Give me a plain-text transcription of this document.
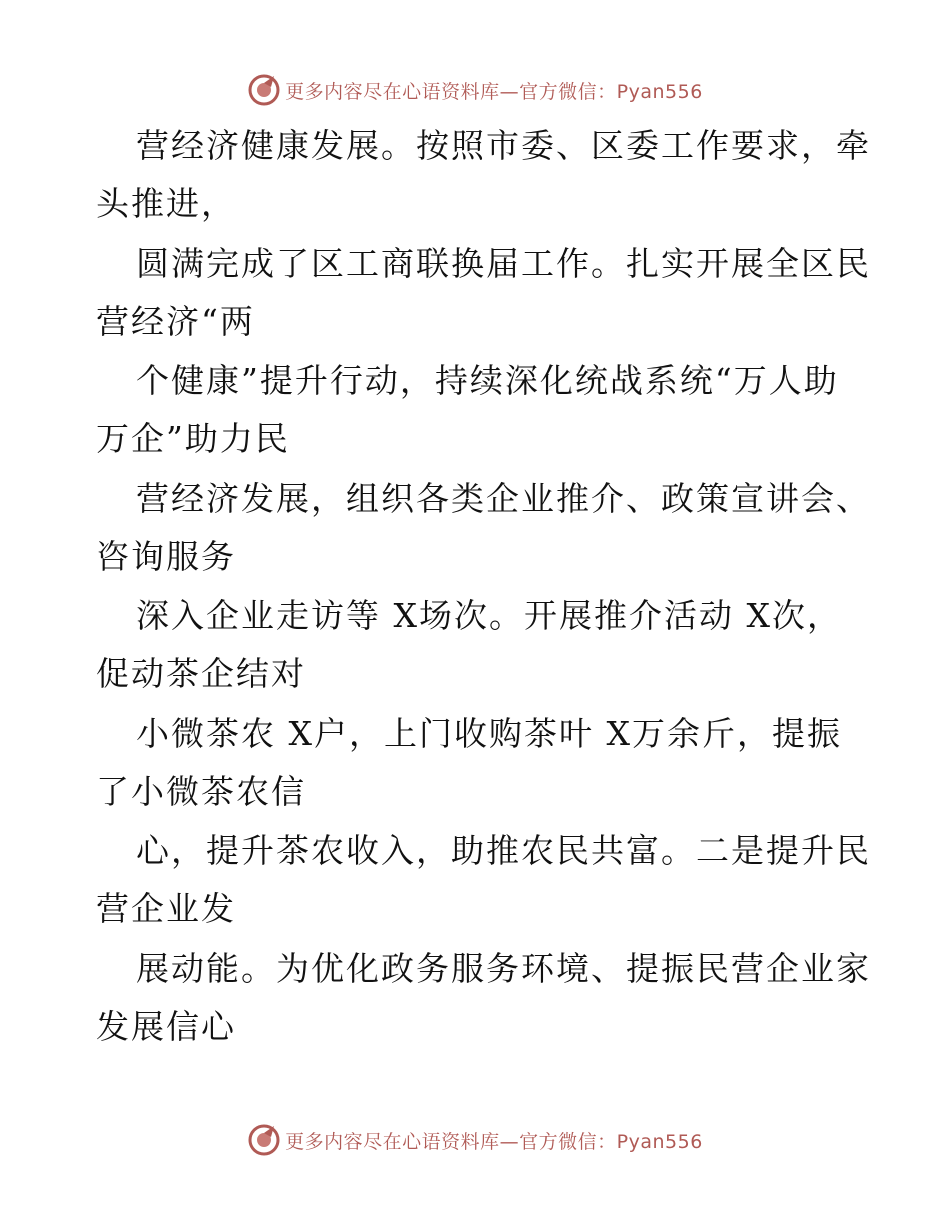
更多内容尽在心语资料库—官方微信：Pyan556
营经济健康发展。按照市委、区委工作要求，牵
头推进，
圆满完成了区工商联换届工作。扎实开展全区民
营经济“两
个健康”提升行动，持续深化统战系统“万人助
万企”助力民
营经济发展，组织各类企业推介、政策宣讲会、
咨询服务
深入企业走访等 X场次。开展推介活动 X次，
促动茶企结对
小微茶农 X户，上门收购茶叶 X万余斤，提振
了小微茶农信
心，提升茶农收入，助推农民共富。二是提升民
营企业发
展动能。为优化政务服务环境、提振民营企业家
发展信心
更多内容尽在心语资料库—官方微信：Pyan556
